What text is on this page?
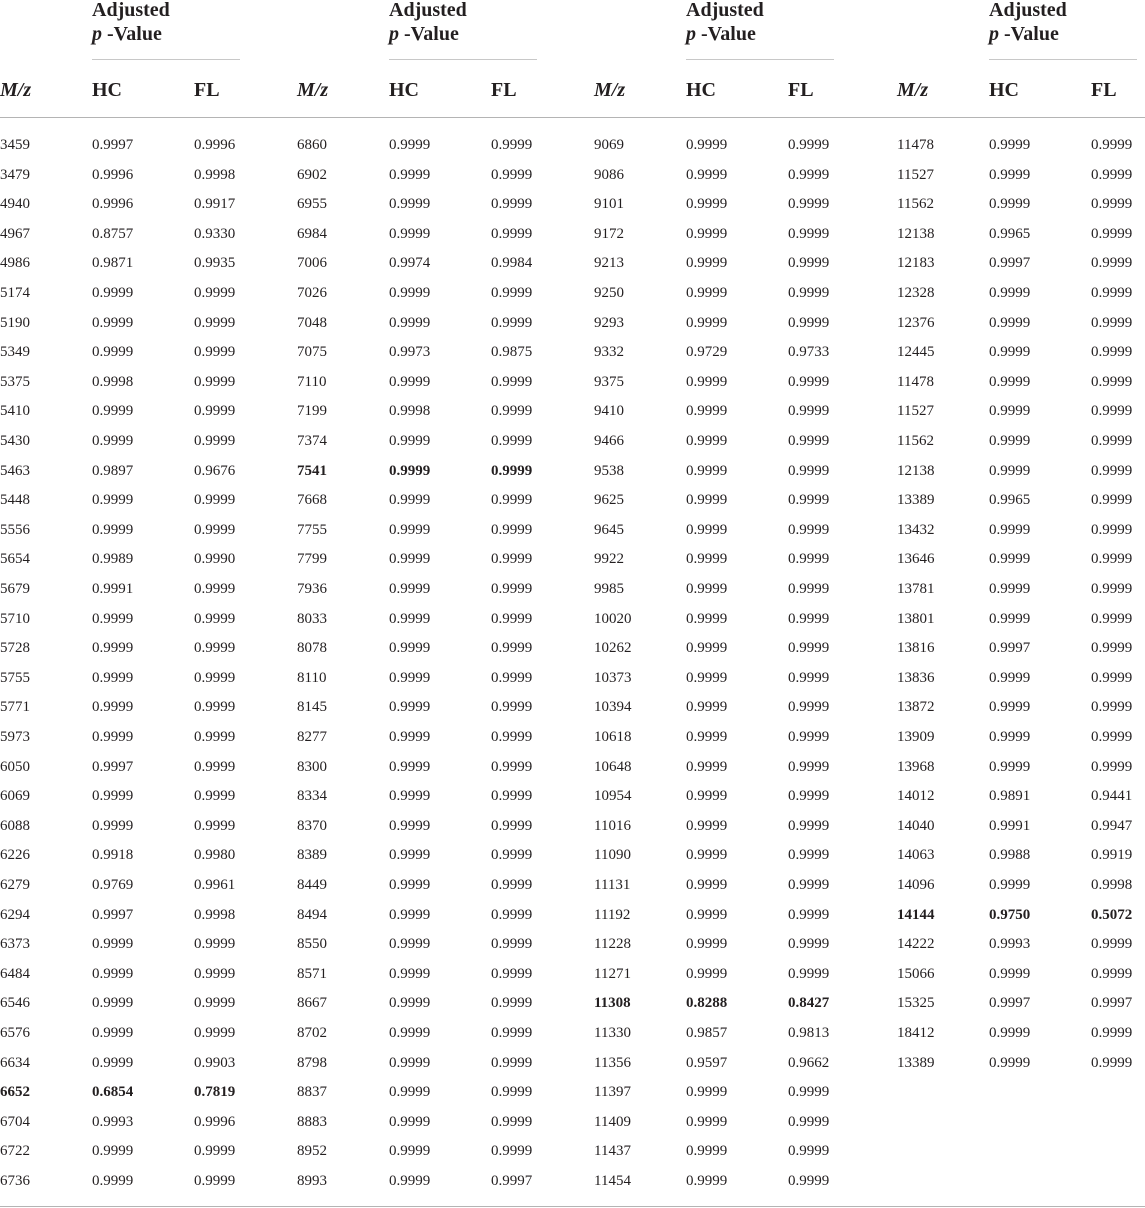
Adjusted
p -Value
M/z	HC	FL
3459	0.9997	0.9996
3479	0.9996	0.9998
4940	0.9996	0.9917
4967	0.8757	0.9330
4986	0.9871	0.9935
5174	0.9999	0.9999
5190	0.9999	0.9999
5349	0.9999	0.9999
5375	0.9998	0.9999
5410	0.9999	0.9999
5430	0.9999	0.9999
5463	0.9897	0.9676
5448	0.9999	0.9999
5556	0.9999	0.9999
5654	0.9989	0.9990
5679	0.9991	0.9999
5710	0.9999	0.9999
5728	0.9999	0.9999
5755	0.9999	0.9999
5771	0.9999	0.9999
5973	0.9999	0.9999
6050	0.9997	0.9999
6069	0.9999	0.9999
6088	0.9999	0.9999
6226	0.9918	0.9980
6279	0.9769	0.9961
6294	0.9997	0.9998
6373	0.9999	0.9999
6484	0.9999	0.9999
6546	0.9999	0.9999
6576	0.9999	0.9999
6634	0.9999	0.9903
6652	0.6854	0.7819
6704	0.9993	0.9996
6722	0.9999	0.9999
6736	0.9999	0.9999
Adjusted
p -Value
M/z	HC	FL
6860	0.9999	0.9999
6902	0.9999	0.9999
6955	0.9999	0.9999
6984	0.9999	0.9999
7006	0.9974	0.9984
7026	0.9999	0.9999
7048	0.9999	0.9999
7075	0.9973	0.9875
7110	0.9999	0.9999
7199	0.9998	0.9999
7374	0.9999	0.9999
7541	0.9999	0.9999
7668	0.9999	0.9999
7755	0.9999	0.9999
7799	0.9999	0.9999
7936	0.9999	0.9999
8033	0.9999	0.9999
8078	0.9999	0.9999
8110	0.9999	0.9999
8145	0.9999	0.9999
8277	0.9999	0.9999
8300	0.9999	0.9999
8334	0.9999	0.9999
8370	0.9999	0.9999
8389	0.9999	0.9999
8449	0.9999	0.9999
8494	0.9999	0.9999
8550	0.9999	0.9999
8571	0.9999	0.9999
8667	0.9999	0.9999
8702	0.9999	0.9999
8798	0.9999	0.9999
8837	0.9999	0.9999
8883	0.9999	0.9999
8952	0.9999	0.9999
8993	0.9999	0.9997
Adjusted
p -Value
M/z	HC	FL
9069	0.9999	0.9999
9086	0.9999	0.9999
9101	0.9999	0.9999
9172	0.9999	0.9999
9213	0.9999	0.9999
9250	0.9999	0.9999
9293	0.9999	0.9999
9332	0.9729	0.9733
9375	0.9999	0.9999
9410	0.9999	0.9999
9466	0.9999	0.9999
9538	0.9999	0.9999
9625	0.9999	0.9999
9645	0.9999	0.9999
9922	0.9999	0.9999
9985	0.9999	0.9999
10020	0.9999	0.9999
10262	0.9999	0.9999
10373	0.9999	0.9999
10394	0.9999	0.9999
10618	0.9999	0.9999
10648	0.9999	0.9999
10954	0.9999	0.9999
11016	0.9999	0.9999
11090	0.9999	0.9999
11131	0.9999	0.9999
11192	0.9999	0.9999
11228	0.9999	0.9999
11271	0.9999	0.9999
11308	0.8288	0.8427
11330	0.9857	0.9813
11356	0.9597	0.9662
11397	0.9999	0.9999
11409	0.9999	0.9999
11437	0.9999	0.9999
11454	0.9999	0.9999
Adjusted
p -Value
M/z	HC	FL
11478	0.9999	0.9999
11527	0.9999	0.9999
11562	0.9999	0.9999
12138	0.9965	0.9999
12183	0.9997	0.9999
12328	0.9999	0.9999
12376	0.9999	0.9999
12445	0.9999	0.9999
11478	0.9999	0.9999
11527	0.9999	0.9999
11562	0.9999	0.9999
12138	0.9999	0.9999
13389	0.9965	0.9999
13432	0.9999	0.9999
13646	0.9999	0.9999
13781	0.9999	0.9999
13801	0.9999	0.9999
13816	0.9997	0.9999
13836	0.9999	0.9999
13872	0.9999	0.9999
13909	0.9999	0.9999
13968	0.9999	0.9999
14012	0.9891	0.9441
14040	0.9991	0.9947
14063	0.9988	0.9919
14096	0.9999	0.9998
14144	0.9750	0.5072
14222	0.9993	0.9999
15066	0.9999	0.9999
15325	0.9997	0.9997
18412	0.9999	0.9999
13389	0.9999	0.9999
